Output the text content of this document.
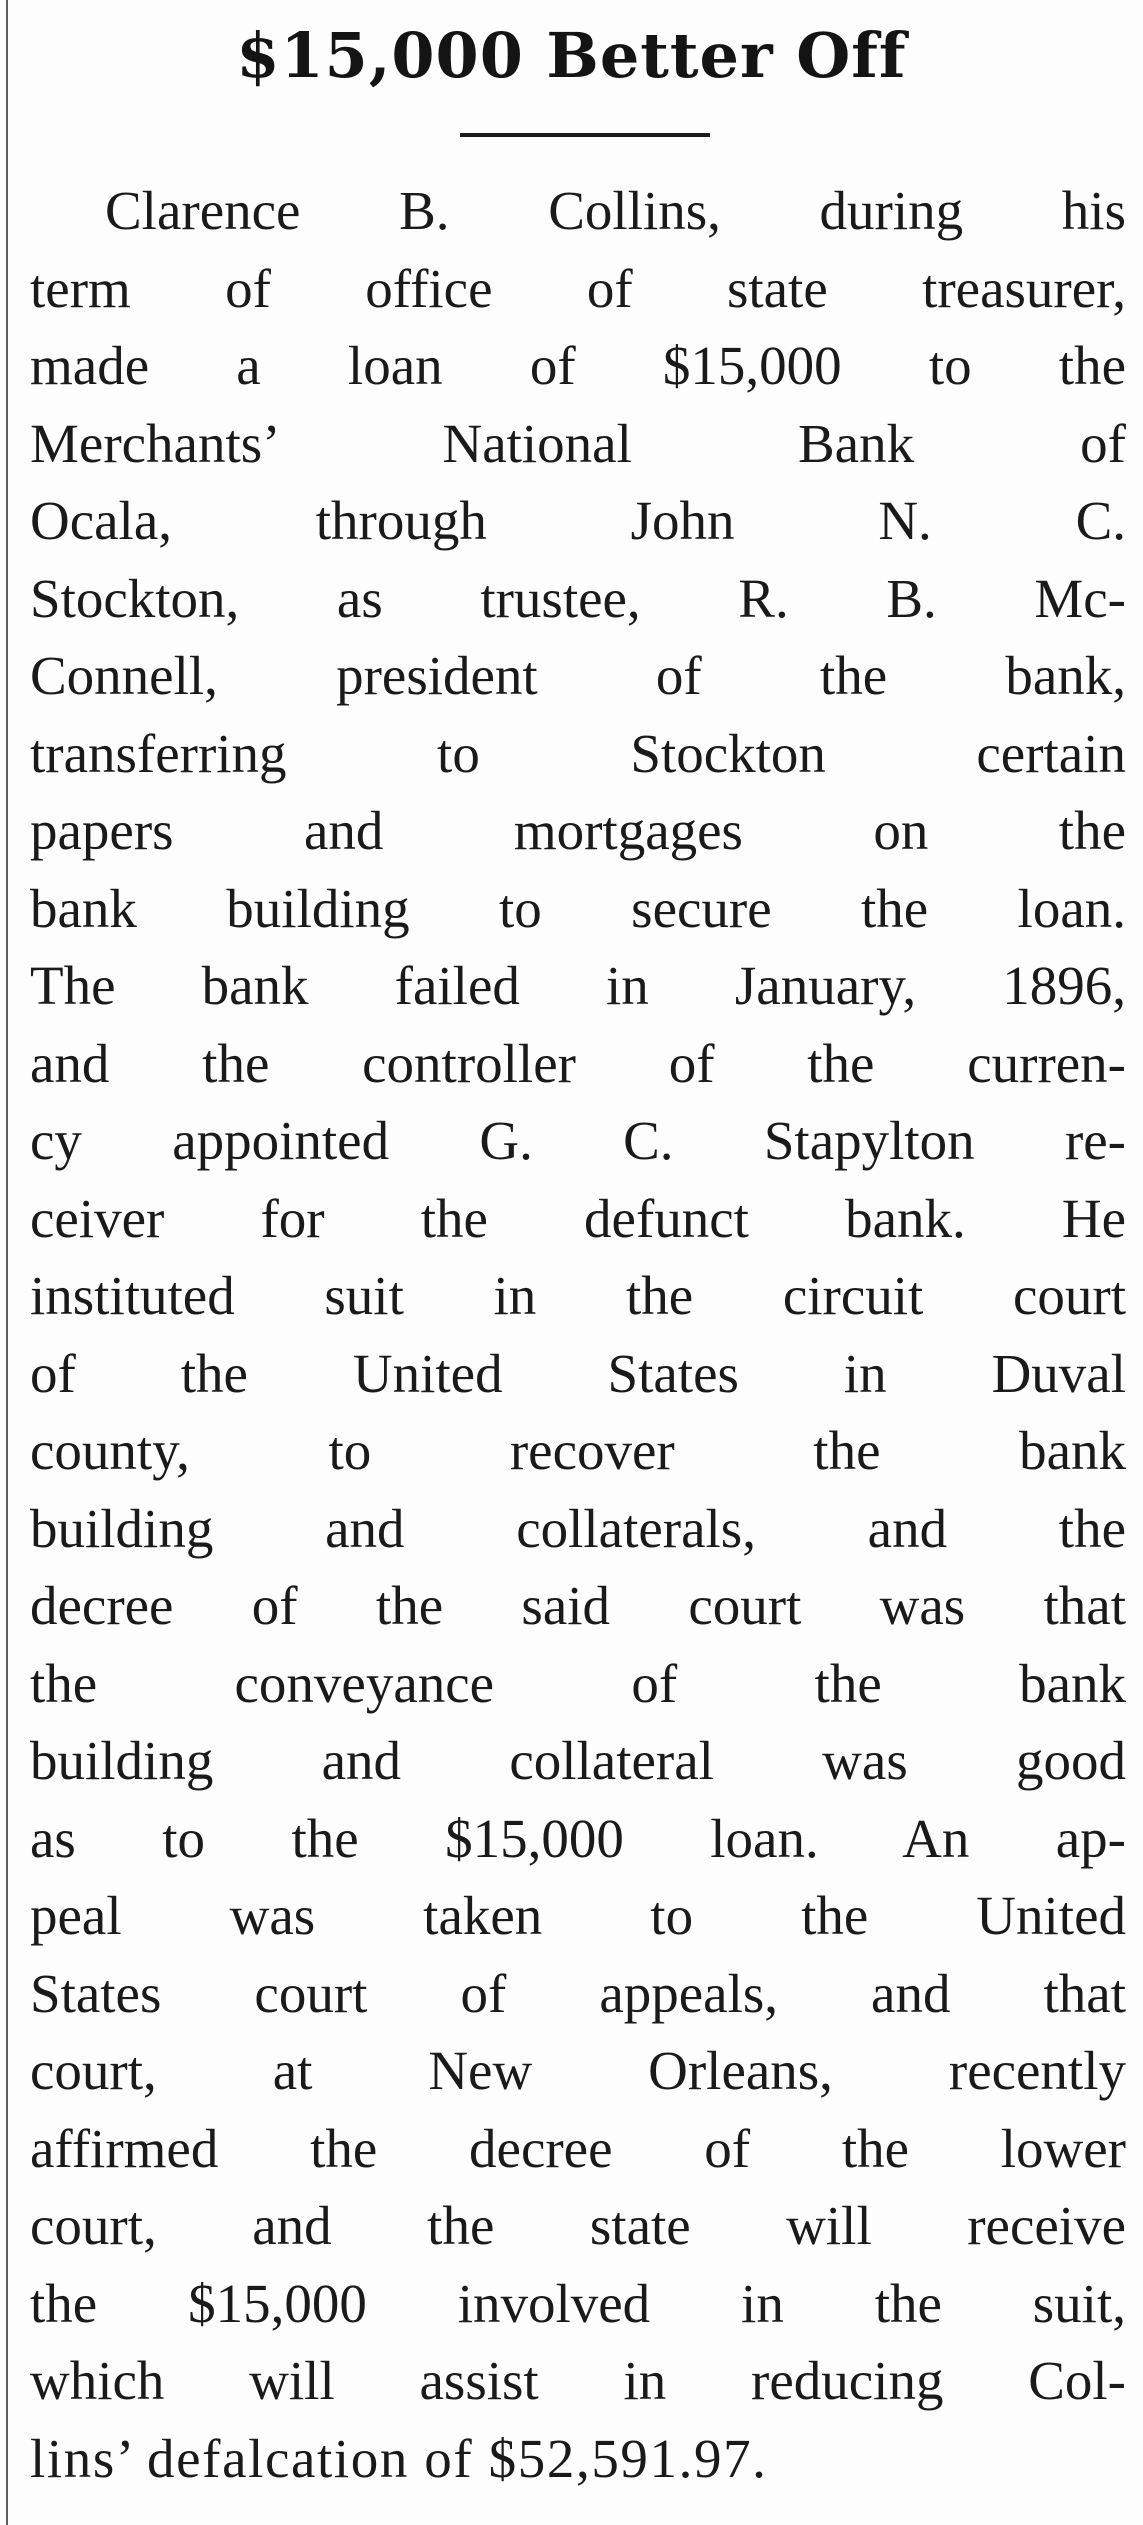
$15,000 Better Off
Clarence B. Collins, during his
term of office of state treasurer,
made a loan of $15,000 to the
Merchants’ National Bank of
Ocala, through John N. C.
Stockton, as trustee, R. B. Mc-
Connell, president of the bank,
transferring to Stockton certain
papers and mortgages on the
bank building to secure the loan.
The bank failed in January, 1896,
and the controller of the curren-
cy appointed G. C. Stapylton re-
ceiver for the defunct bank. He
instituted suit in the circuit court
of the United States in Duval
county, to recover the bank
building and collaterals, and the
decree of the said court was that
the conveyance of the bank
building and collateral was good
as to the $15,000 loan. An ap-
peal was taken to the United
States court of appeals, and that
court, at New Orleans, recently
affirmed the decree of the lower
court, and the state will receive
the $15,000 involved in the suit,
which will assist in reducing Col-
lins’ defalcation of $52,591.97.
